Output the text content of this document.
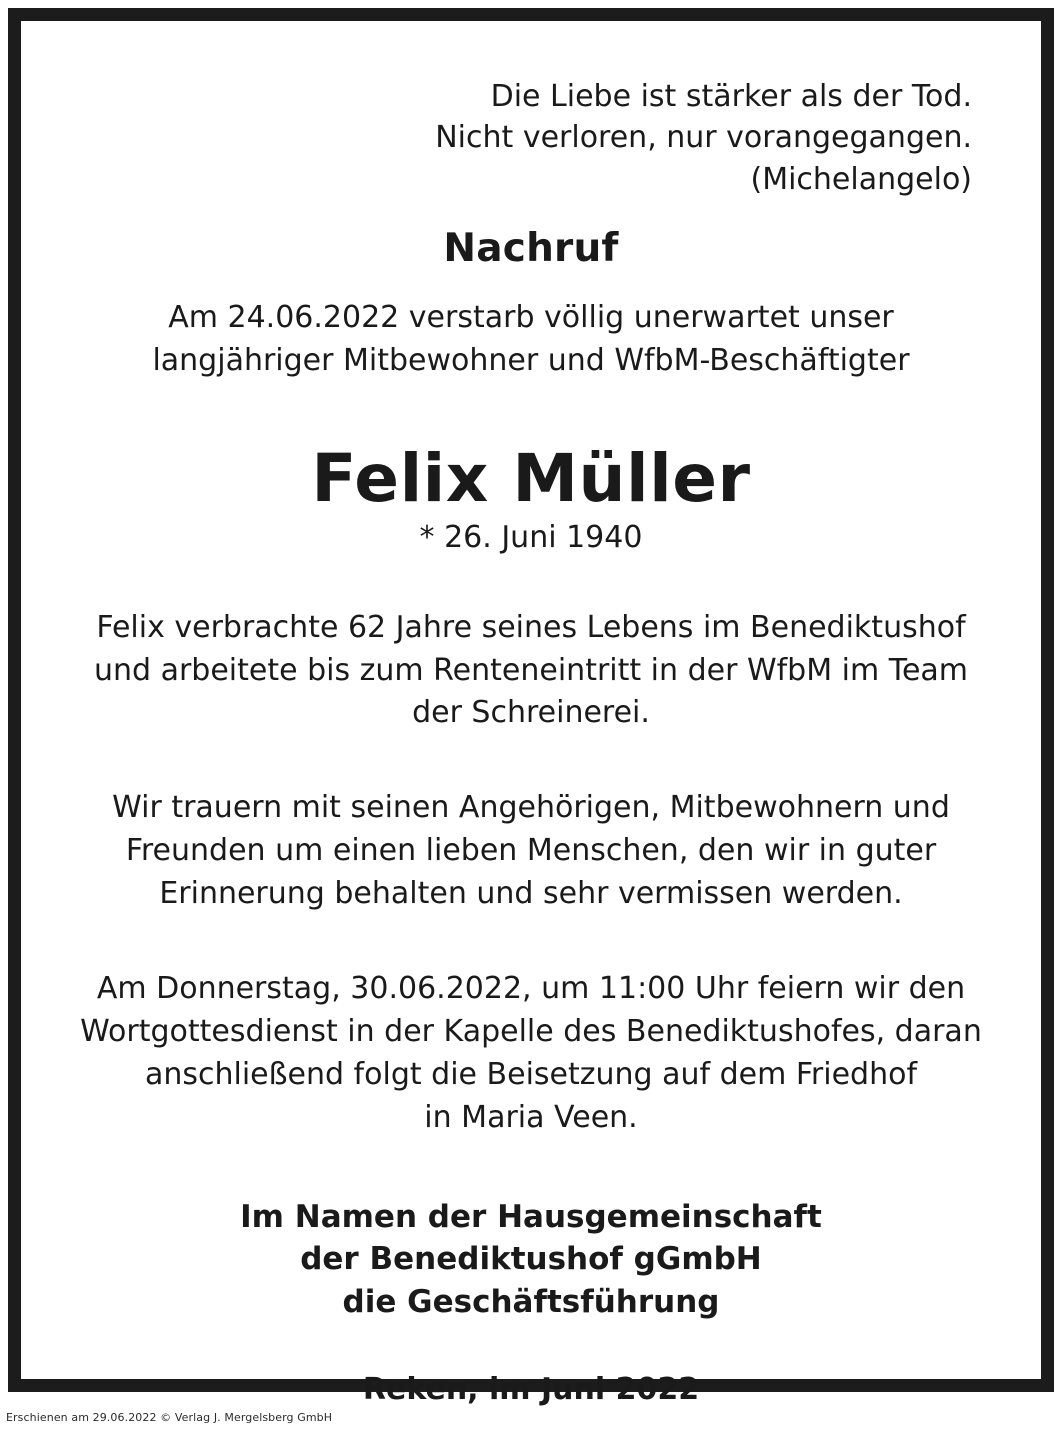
Die Liebe ist stärker als der Tod.
Nicht verloren, nur vorangegangen.
(Michelangelo)
Nachruf
Am 24.06.2022 verstarb völlig unerwartet unser
langjähriger Mitbewohner und WfbM-Beschäftigter
Felix Müller
* 26. Juni 1940
Felix verbrachte 62 Jahre seines Lebens im Benediktushof
und arbeitete bis zum Renteneintritt in der WfbM im Team
der Schreinerei.
Wir trauern mit seinen Angehörigen, Mitbewohnern und
Freunden um einen lieben Menschen, den wir in guter
Erinnerung behalten und sehr vermissen werden.
Am Donnerstag, 30.06.2022, um 11:00 Uhr feiern wir den
Wortgottesdienst in der Kapelle des Benediktushofes, daran
anschließend folgt die Beisetzung auf dem Friedhof
in Maria Veen.
Im Namen der Hausgemeinschaft
der Benediktushof gGmbH
die Geschäftsführung
Reken, im Juni 2022
Erschienen am 29.06.2022 © Verlag J. Mergelsberg GmbH
